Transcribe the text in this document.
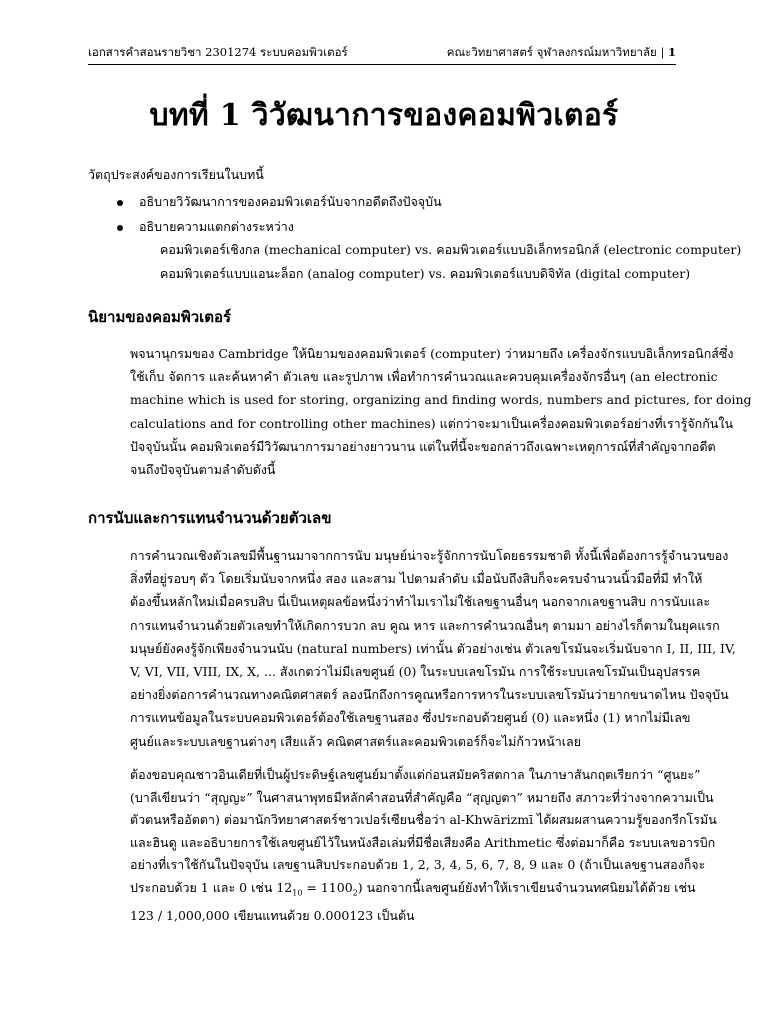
เอกสารคำสอนรายวิชา 2301274 ระบบคอมพิวเตอร์	คณะวิทยาศาสตร์ จุฬาลงกรณ์มหาวิทยาลัย | 1
บทที่ 1 วิวัฒนาการของคอมพิวเตอร์
วัตถุประสงค์ของการเรียนในบทนี้
อธิบายวิวัฒนาการของคอมพิวเตอร์นับจากอดีตถึงปัจจุบัน
อธิบายความแตกต่างระหว่าง
คอมพิวเตอร์เชิงกล (mechanical computer) vs. คอมพิวเตอร์แบบอิเล็กทรอนิกส์ (electronic computer)
คอมพิวเตอร์แบบแอนะล็อก (analog computer) vs. คอมพิวเตอร์แบบดิจิทัล (digital computer)
นิยามของคอมพิวเตอร์
พจนานุกรมของ Cambridge ให้นิยามของคอมพิวเตอร์ (computer) ว่าหมายถึง เครื่องจักรแบบอิเล็กทรอนิกส์ซึ่ง
ใช้เก็บ จัดการ และค้นหาคำ ตัวเลข และรูปภาพ เพื่อทำการคำนวณและควบคุมเครื่องจักรอื่นๆ (an electronic
machine which is used for storing, organizing and finding words, numbers and pictures, for doing
calculations and for controlling other machines) แต่กว่าจะมาเป็นเครื่องคอมพิวเตอร์อย่างที่เรารู้จักกันใน
ปัจจุบันนั้น คอมพิวเตอร์มีวิวัฒนาการมาอย่างยาวนาน แต่ในที่นี้จะขอกล่าวถึงเฉพาะเหตุการณ์ที่สำคัญจากอดีต
จนถึงปัจจุบันตามลำดับดังนี้
การนับและการแทนจำนวนด้วยตัวเลข
การคำนวณเชิงตัวเลขมีพื้นฐานมาจากการนับ มนุษย์น่าจะรู้จักการนับโดยธรรมชาติ ทั้งนี้เพื่อต้องการรู้จำนวนของ
สิ่งที่อยู่รอบๆ ตัว โดยเริ่มนับจากหนึ่ง สอง และสาม ไปตามลำดับ เมื่อนับถึงสิบก็จะครบจำนวนนิ้วมือที่มี ทำให้
ต้องขึ้นหลักใหม่เมื่อครบสิบ นี่เป็นเหตุผลข้อหนึ่งว่าทำไมเราไม่ใช้เลขฐานอื่นๆ นอกจากเลขฐานสิบ การนับและ
การแทนจำนวนด้วยตัวเลขทำให้เกิดการบวก ลบ คูณ หาร และการคำนวณอื่นๆ ตามมา อย่างไรก็ตามในยุคแรก
มนุษย์ยังคงรู้จักเพียงจำนวนนับ (natural numbers) เท่านั้น ตัวอย่างเช่น ตัวเลขโรมันจะเริ่มนับจาก I, II, III, IV,
V, VI, VII, VIII, IX, X, ... สังเกตว่าไม่มีเลขศูนย์ (0) ในระบบเลขโรมัน การใช้ระบบเลขโรมันเป็นอุปสรรค
อย่างยิ่งต่อการคำนวณทางคณิตศาสตร์ ลองนึกถึงการคูณหรือการหารในระบบเลขโรมันว่ายากขนาดไหน ปัจจุบัน
การแทนข้อมูลในระบบคอมพิวเตอร์ต้องใช้เลขฐานสอง ซึ่งประกอบด้วยศูนย์ (0) และหนึ่ง (1) หากไม่มีเลข
ศูนย์และระบบเลขฐานต่างๆ เสียแล้ว คณิตศาสตร์และคอมพิวเตอร์ก็จะไม่ก้าวหน้าเลย
ต้องขอบคุณชาวอินเดียที่เป็นผู้ประดิษฐ์เลขศูนย์มาตั้งแต่ก่อนสมัยคริสตกาล ในภาษาสันกฤตเรียกว่า “ศูนยะ”
(บาลีเขียนว่า “สุญญะ” ในศาสนาพุทธมีหลักคำสอนที่สำคัญคือ “สุญญตา” หมายถึง สภาวะที่ว่างจากความเป็น
ตัวตนหรืออัตตา) ต่อมานักวิทยาศาสตร์ชาวเปอร์เซียนชื่อว่า al-Khwārizmī ได้ผสมผสานความรู้ของกรีกโรมัน
และฮินดู และอธิบายการใช้เลขศูนย์ไว้ในหนังสือเล่มที่มีชื่อเสียงคือ Arithmetic ซึ่งต่อมาก็คือ ระบบเลขอารบิก
อย่างที่เราใช้กันในปัจจุบัน เลขฐานสิบประกอบด้วย 1, 2, 3, 4, 5, 6, 7, 8, 9 และ 0 (ถ้าเป็นเลขฐานสองก็จะ
ประกอบด้วย 1 และ 0 เช่น $12_{10} = 1100_2$) นอกจากนี้เลขศูนย์ยังทำให้เราเขียนจำนวนทศนิยมได้ด้วย เช่น
123 / 1,000,000 เขียนแทนด้วย 0.000123 เป็นต้น
